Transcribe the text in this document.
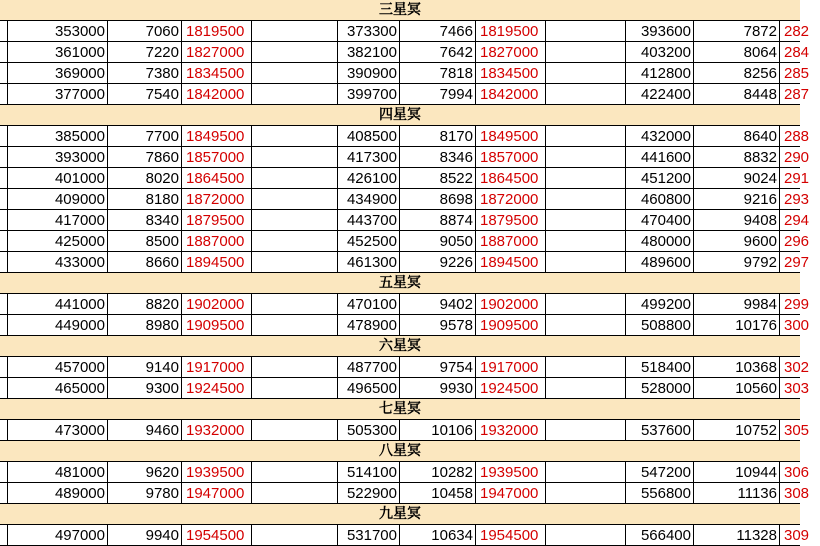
三星冥
353000	7060 1819500	373300	7466 1819500	393600	7872 282
361000	7220 1827000	382100	7642 1827000	403200	8064 284
369000	7380 1834500	390900	7818 1834500	412800	8256 285
377000	7540 1842000	399700	7994 1842000	422400	8448 287
四星冥
385000	7700 1849500	408500	8170 1849500	432000	8640 288
393000	7860 1857000	417300	8346 1857000	441600	8832 290
401000	8020 1864500	426100	8522 1864500	451200	9024 291
409000	8180 1872000	434900	8698 1872000	460800	9216 293
417000	8340 1879500	443700	8874 1879500	470400	9408 294
425000	8500 1887000	452500	9050 1887000	480000	9600 296
433000	8660 1894500	461300	9226 1894500	489600	9792 297
五星冥
441000	8820 1902000	470100	9402 1902000	499200	9984 299
449000	8980 1909500	478900	9578 1909500	508800	10176 300
六星冥
457000	9140 1917000	487700	9754 1917000	518400	10368 302
465000	9300 1924500	496500	9930 1924500	528000	10560 303
七星冥
473000	9460 1932000	505300	10106 1932000	537600	10752 305
八星冥
481000	9620 1939500	514100	10282 1939500	547200	10944 306
489000	9780 1947000	522900	10458 1947000	556800	11136 308
九星冥
497000	9940 1954500	531700	10634 1954500	566400	11328 309
